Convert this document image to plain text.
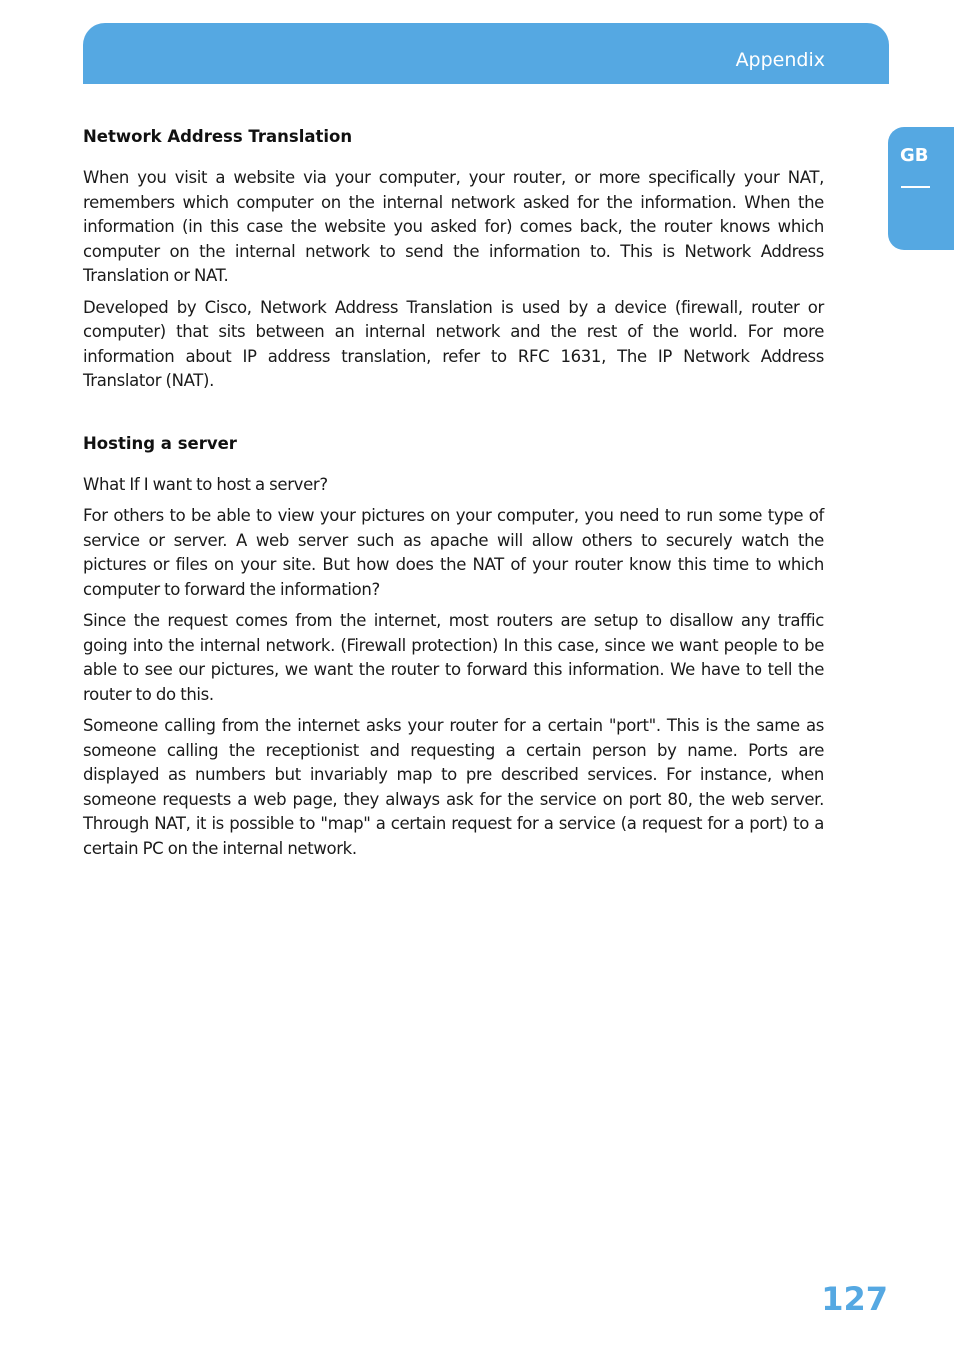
Appendix
GB
Network Address Translation

When you visit a website via your computer, your router, or more specifically your NAT, remembers which computer on the internal network asked for the information. When the information (in this case the website you asked for) comes back, the router knows which computer on the internal network to send the information to. This is Network Address Translation or NAT.

Developed by Cisco, Network Address Translation is used by a device (firewall, router or computer) that sits between an internal network and the rest of the world. For more information about IP address translation, refer to RFC 1631, The IP Network Address Translator (NAT).

Hosting a server

What If I want to host a server?

For others to be able to view your pictures on your computer, you need to run some type of service or server. A web server such as apache will allow others to securely watch the pictures or files on your site. But how does the NAT of your router know this time to which computer to forward the information?

Since the request comes from the internet, most routers are setup to disallow any traffic going into the internal network. (Firewall protection) In this case, since we want people to be able to see our pictures, we want the router to forward this information. We have to tell the router to do this.

Someone calling from the internet asks your router for a certain "port". This is the same as someone calling the receptionist and requesting a certain person by name. Ports are displayed as numbers but invariably map to pre described services. For instance, when someone requests a web page, they always ask for the service on port 80, the web server. Through NAT, it is possible to "map" a certain request for a service (a request for a port) to a certain PC on the internal network.

127
